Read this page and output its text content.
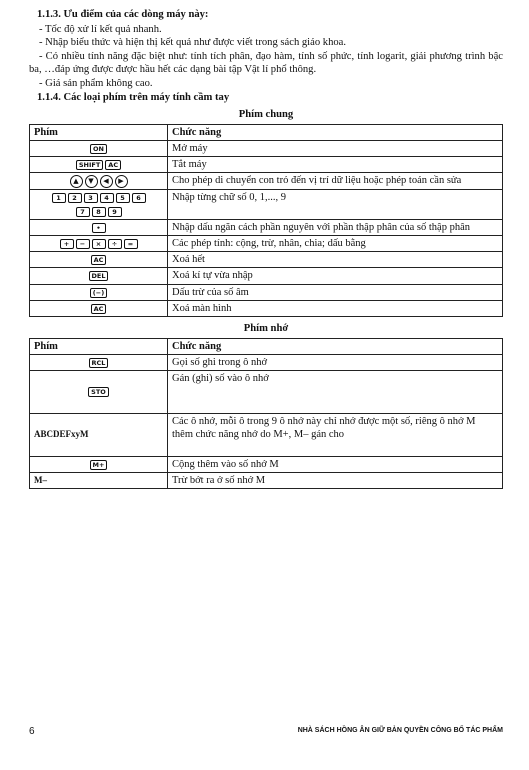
1.1.3. Ưu điểm của các dòng máy này:

- Tốc độ xử lí kết quả nhanh.

- Nhập biểu thức và hiện thị kết quả như được viết trong sách giáo khoa.

- Có nhiều tính năng đặc biệt như: tính tích phân, đạo hàm, tính số phức, tính logarit, giải phương trình bậc ba, …đáp ứng được được hầu hết các dạng bài tập Vật lí phổ thông.

- Giá sản phẩm không cao.

1.1.4. Các loại phím trên máy tính cầm tay

Phím chung

Phím	Chức năng
ON	Mở máy
SHIFT AC	Tắt máy
▲ ▼ ◀ ▶	Cho phép di chuyển con trỏ đến vị trí dữ liệu hoặc phép toán cần sửa
1 2 3 4 5 6
7 8 9	Nhập từng chữ số 0, 1,..., 9
•	Nhập dấu ngăn cách phần nguyên với phần thập phân của số thập phân
+ − × ÷ =	Các phép tính: cộng, trừ, nhân, chia; dấu bằng
AC	Xoá hết
DEL	Xoá kí tự vừa nhập
(−)	Dấu trừ của số âm
AC	Xoá màn hình

Phím nhớ

Phím	Chức năng
RCL	Gọi số ghi trong ô nhớ
STO	Gán (ghi) số vào ô nhớ
ABCDEFxyM	Các ô nhớ, mỗi ô trong 9 ô nhớ này chỉ nhớ được một số, riêng ô nhớ M thêm chức năng nhớ do M+, M– gán cho
M+	Cộng thêm vào số nhớ M
M–	Trừ bớt ra ở số nhớ M
6	NHÀ SÁCH HỒNG ÂN GIỮ BẢN QUYỀN CÔNG BỐ TÁC PHẨM
